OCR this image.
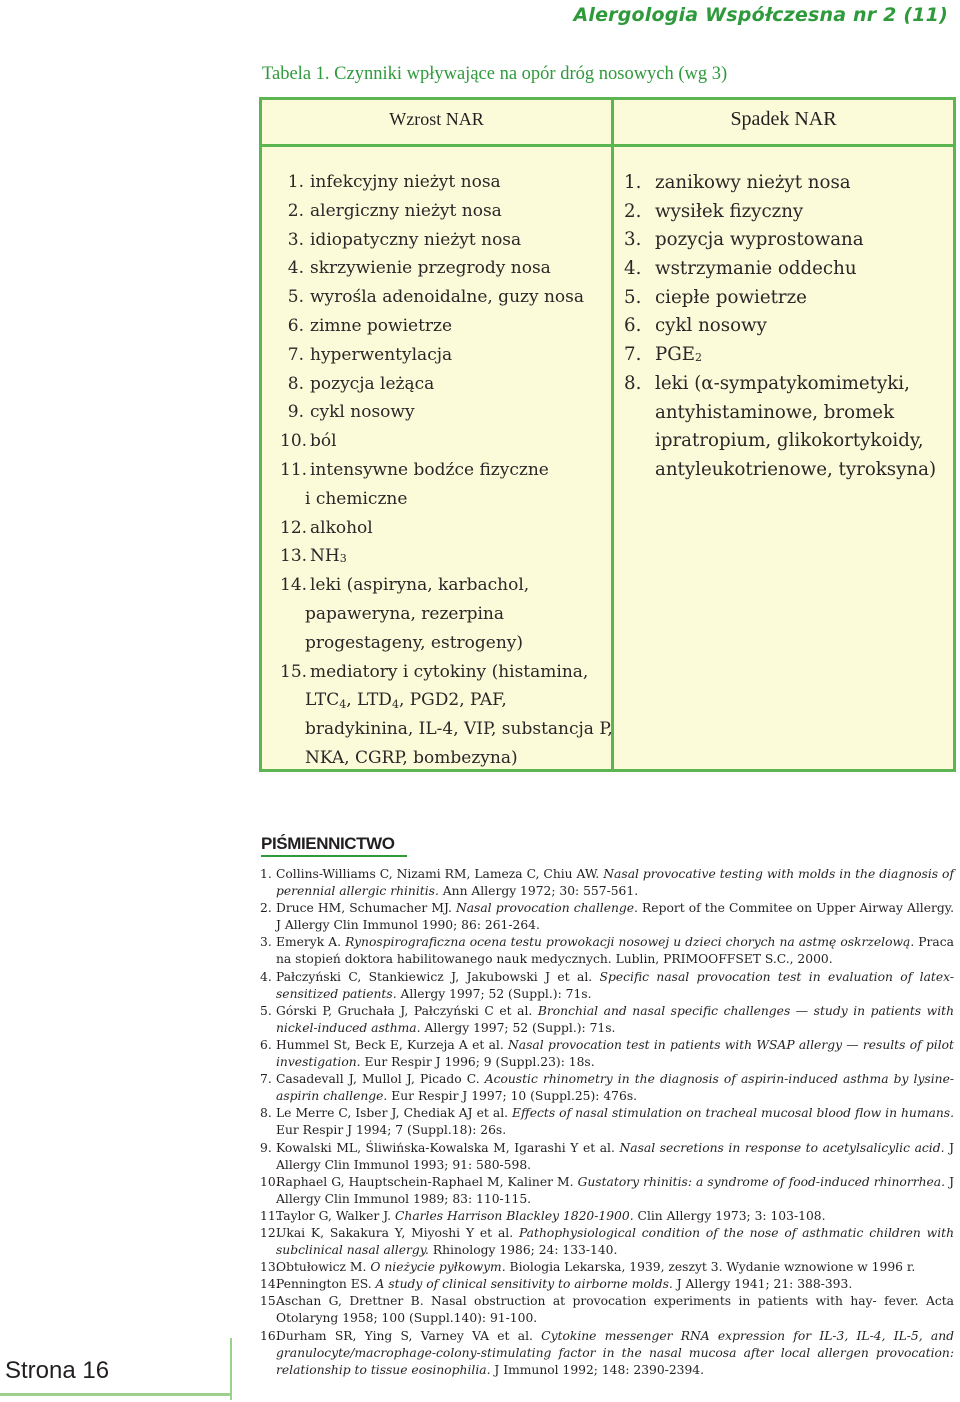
Alergologia Współczesna nr 2 (11)
Tabela 1. Czynniki wpływające na opór dróg nosowych (wg 3)
Wzrost NAR	Spadek NAR
1. infekcyjny nieżyt nosa
2. alergiczny nieżyt nosa
3. idiopatyczny nieżyt nosa
4. skrzywienie przegrody nosa
5. wyrośla adenoidalne, guzy nosa
6. zimne powietrze
7. hyperwentylacja
8. pozycja leżąca
9. cykl nosowy
10. ból
11. intensywne bodźce fizyczne
i chemiczne
12. alkohol
13. NH 3
14. leki (aspiryna, karbachol,
papaweryna, rezerpina
progestageny, estrogeny)
15. mediatory i cytokiny (histamina,
LTC4, LTD4, PGD2, PAF,
bradykinina, IL-4, VIP, substancja P,
NKA, CGRP, bombezyna)
1. zanikowy nieżyt nosa
2. wysiłek fizyczny
3. pozycja wyprostowana
4. wstrzymanie oddechu
5. ciepłe powietrze
6. cykl nosowy
7. PGE 2
8. leki (α-sympatykomimetyki,
antyhistaminowe, bromek
ipratropium, glikokortykoidy,
antyleukotrienowe, tyroksyna)
PIŚMIENNICTWO
1. Collins-Williams C, Nizami RM, Lameza C, Chiu AW. Nasal provocative testing with molds in the diagnosis of perennial allergic rhinitis. Ann Allergy 1972; 30: 557-561.
2. Druce HM, Schumacher MJ. Nasal provocation challenge. Report of the Commitee on Upper Airway Allergy. J Allergy Clin Immunol 1990; 86: 261-264.
3. Emeryk A. Rynospirograficzna ocena testu prowokacji nosowej u dzieci chorych na astmę oskrzelową. Praca na stopień doktora habilitowanego nauk medycznych. Lublin, PRIMOOFFSET S.C., 2000.
4. Pałczyński C, Stankiewicz J, Jakubowski J et al. Specific nasal provocation test in evaluation of latex-sensitized patients. Allergy 1997; 52 (Suppl.): 71s.
5. Górski P, Gruchała J, Pałczyński C et al. Bronchial and nasal specific challenges — study in patients with nickel-induced asthma. Allergy 1997; 52 (Suppl.): 71s.
6. Hummel St, Beck E, Kurzeja A et al. Nasal provocation test in patients with WSAP allergy — results of pilot investigation. Eur Respir J 1996; 9 (Suppl.23): 18s.
7. Casadevall J, Mullol J, Picado C. Acoustic rhinometry in the diagnosis of aspirin-induced asthma by lysine-aspirin challenge. Eur Respir J 1997; 10 (Suppl.25): 476s.
8. Le Merre C, Isber J, Chediak AJ et al. Effects of nasal stimulation on tracheal mucosal blood flow in humans. Eur Respir J 1994; 7 (Suppl.18): 26s.
9. Kowalski ML, Śliwińska-Kowalska M, Igarashi Y et al. Nasal secretions in response to acetylsalicylic acid. J Allergy Clin Immunol 1993; 91: 580-598.
10.
Raphael G, Hauptschein-Raphael M, Kaliner M. Gustatory rhinitis: a syndrome of food-induced rhinorrhea. J Allergy Clin Immunol 1989; 83: 110-115.
11.
Taylor G, Walker J. Charles Harrison Blackley 1820-1900. Clin Allergy 1973; 3: 103-108.
12.
Ukai K, Sakakura Y, Miyoshi Y et al. Pathophysiological condition of the nose of asthmatic children with subclinical nasal allergy. Rhinology 1986; 24: 133-140.
13.
Obtułowicz M. O nieżycie pyłkowym. Biologia Lekarska, 1939, zeszyt 3. Wydanie wznowione w 1996 r.
14.
Pennington ES. A study of clinical sensitivity to airborne molds. J Allergy 1941; 21: 388-393.
15.
Aschan G, Drettner B. Nasal obstruction at provocation experiments in patients with hay- fever. Acta Otolaryng 1958; 100 (Suppl.140): 91-100.
16.
Durham SR, Ying S, Varney VA et al. Cytokine messenger RNA expression for IL-3, IL-4, IL-5, and granulocyte/macrophage-colony-stimulating factor in the nasal mucosa after local allergen provocation: relationship to tissue eosinophilia. J Immunol 1992; 148: 2390-2394.
Strona 16
